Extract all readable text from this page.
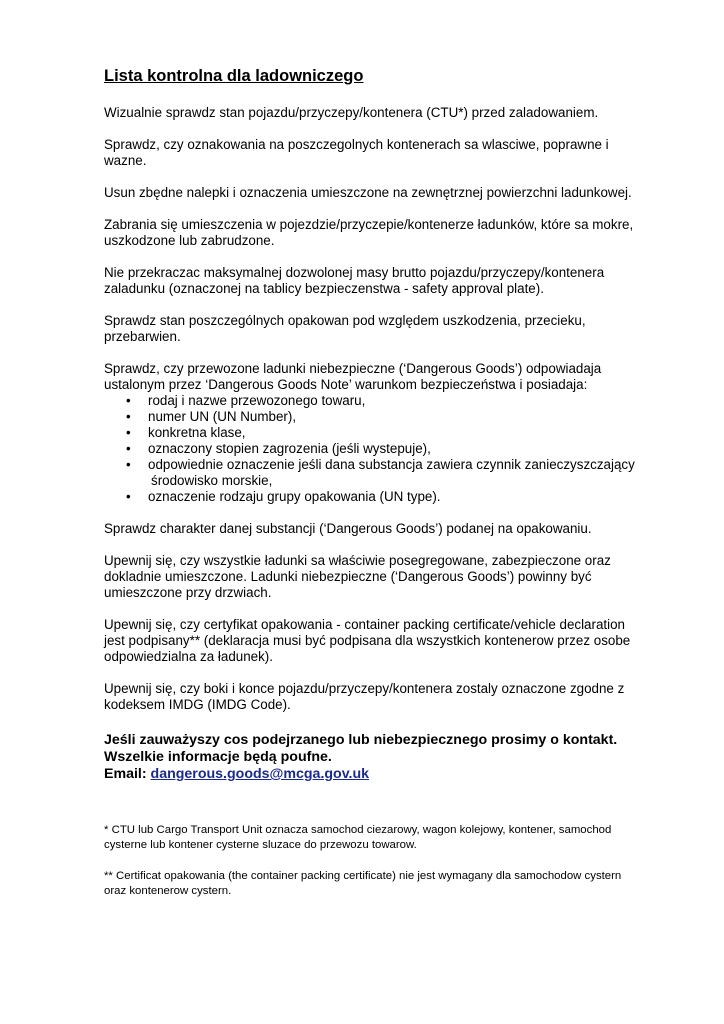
Lista kontrolna dla ladowniczego

Wizualnie sprawdz stan pojazdu/przyczepy/kontenera (CTU*) przed zaladowaniem.

Sprawdz, czy oznakowania na poszczegolnych kontenerach sa wlasciwe, poprawne i wazne.

Usun zbędne nalepki i oznaczenia umieszczone na zewnętrznej powierzchni ladunkowej.

Zabrania się umieszczenia w pojezdzie/przyczepie/kontenerze ładunków, które sa mokre, uszkodzone lub zabrudzone.

Nie przekraczac maksymalnej dozwolonej masy brutto pojazdu/przyczepy/kontenera zaladunku (oznaczonej na tablicy bezpieczenstwa - safety approval plate).

Sprawdz stan poszczególnych opakowan pod względem uszkodzenia, przecieku, przebarwien.

Sprawdz, czy przewozone ladunki niebezpieczne (‘Dangerous Goods’) odpowiadaja ustalonym przez ‘Dangerous Goods Note’ warunkom bezpieczeństwa i posiadaja:

• rodaj i nazwe przewozonego towaru,
• numer UN (UN Number),
• konkretna klase,
• oznaczony stopien zagrozenia (jeśli wystepuje),
• odpowiednie oznaczenie jeśli dana substancja zawiera czynnik zanieczyszczający środowisko morskie,
• oznaczenie rodzaju grupy opakowania (UN type).

Sprawdz charakter danej substancji (‘Dangerous Goods’) podanej na opakowaniu.

Upewnij się, czy wszystkie ładunki sa właściwie posegregowane, zabezpieczone oraz dokladnie umieszczone. Ladunki niebezpieczne (‘Dangerous Goods’) powinny być umieszczone przy drzwiach.

Upewnij się, czy certyfikat opakowania - container packing certificate/vehicle declaration jest podpisany** (deklaracja musi być podpisana dla wszystkich kontenerow przez osobe odpowiedzialna za ładunek).

Upewnij się, czy boki i konce pojazdu/przyczepy/kontenera zostaly oznaczone zgodne z kodeksem IMDG (IMDG Code).

Jeśli zauważyszy cos podejrzanego lub niebezpiecznego prosimy o kontakt.
Wszelkie informacje będą poufne.
Email: dangerous.goods@mcga.gov.uk

* CTU lub Cargo Transport Unit oznacza samochod ciezarowy, wagon kolejowy, kontener, samochod cysterne lub kontener cysterne sluzace do przewozu towarow.

** Certificat opakowania (the container packing certificate) nie jest wymagany dla samochodow cystern oraz kontenerow cystern.
